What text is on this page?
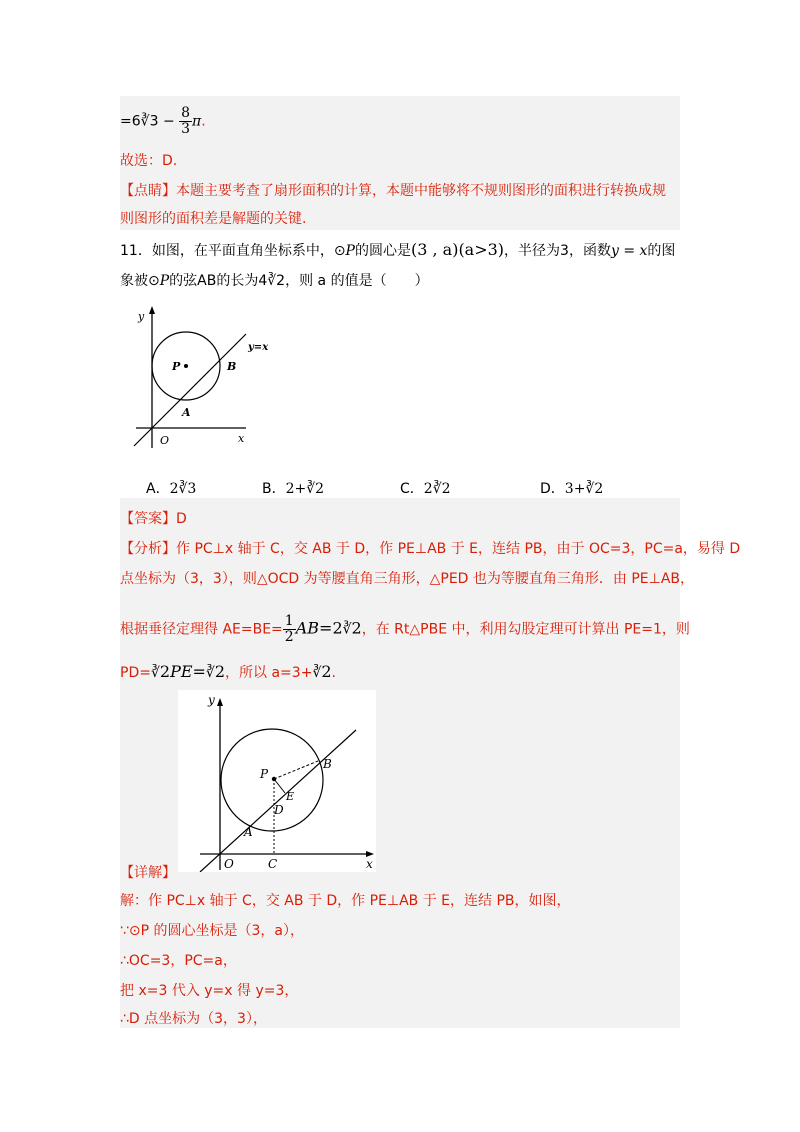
=6∛3 − $\frac{8}{3} \pi$.
故选：D.
【点睛】本题主要考查了扇形面积的计算，本题中能够将不规则图形的面积进行转换成规
则图形的面积差是解题的关键.
11．如图，在平面直角坐标系中，⊙P的圆心是(3 , a)(a>3)，半径为3，函数y = x的图
象被⊙P的弦AB的长为4∛2，则 a 的值是（　　）
y
x
O
P
A
B
y=x
A．2∛3	B．2+∛2	C．2∛2	D．3+∛2
【答案】D
【分析】作 PC⊥x 轴于 C，交 AB 于 D，作 PE⊥AB 于 E，连结 PB，由于 OC=3，PC=a，易得 D
点坐标为（3，3），则△OCD 为等腰直角三角形，△PED 也为等腰直角三角形．由 PE⊥AB，
根据垂径定理得 $AE=BE= \frac{1}{2}$ AB=2∛2，在 Rt△PBE 中，利用勾股定理可计算出 PE=1，则
PD=∛2PE=∛2，所以 a=3+∛2.
y
x
O	C
P
A
B
D
E
【详解】
解：作 PC⊥x 轴于 C，交 AB 于 D，作 PE⊥AB 于 E，连结 PB，如图，
∵⊙P 的圆心坐标是（3，a），
∴OC=3，PC=a，
把 x=3 代入 y=x 得 y=3，
∴D 点坐标为（3，3），
